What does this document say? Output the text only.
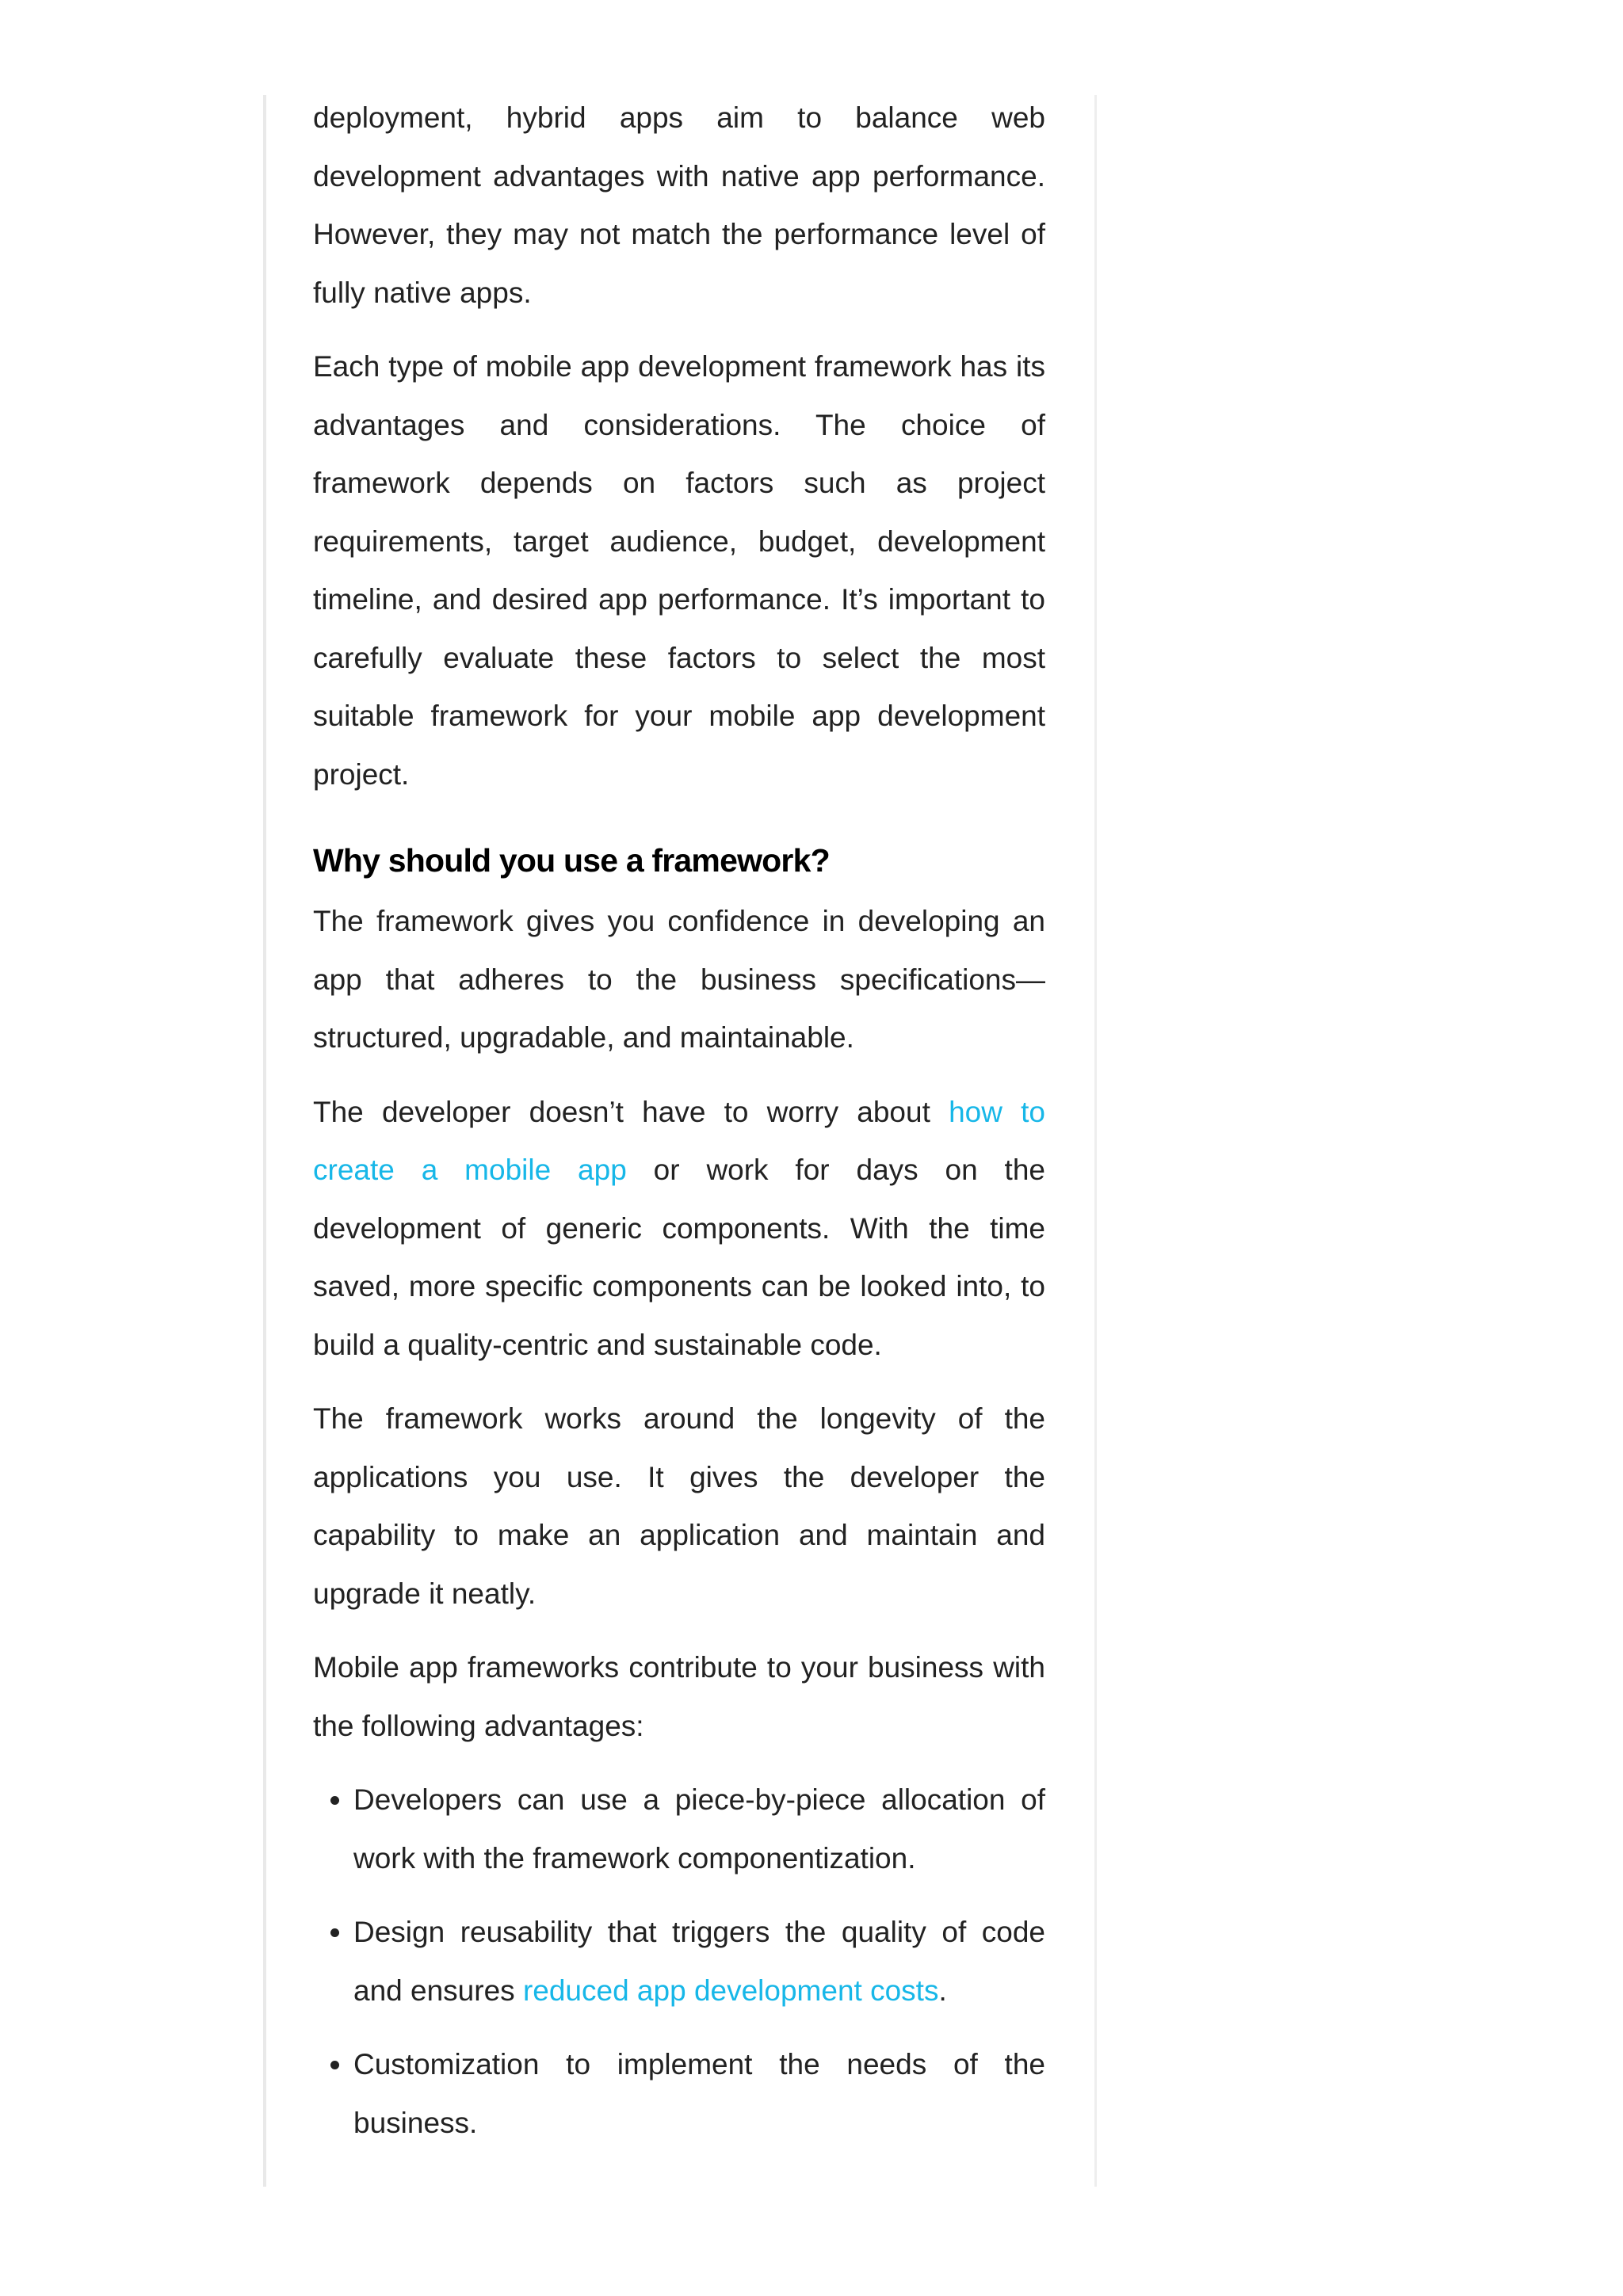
deployment, hybrid apps aim to balance web development advantages with native app performance. However, they may not match the performance level of fully native apps.

Each type of mobile app development framework has its advantages and considerations. The choice of framework depends on factors such as project requirements, target audience, budget, development timeline, and desired app performance. It’s important to carefully evaluate these factors to select the most suitable framework for your mobile app development project.

Why should you use a framework?

The framework gives you confidence in developing an app that adheres to the business specifications—structured, upgradable, and maintainable.

The developer doesn’t have to worry about how to create a mobile app or work for days on the development of generic components. With the time saved, more specific components can be looked into, to build a quality-centric and sustainable code.

The framework works around the longevity of the applications you use. It gives the developer the capability to make an application and maintain and upgrade it neatly.

Mobile app frameworks contribute to your business with the following advantages:

• Developers can use a piece-by-piece allocation of work with the framework componentization.
• Design reusability that triggers the quality of code and ensures reduced app development costs.
• Customization to implement the needs of the business.
